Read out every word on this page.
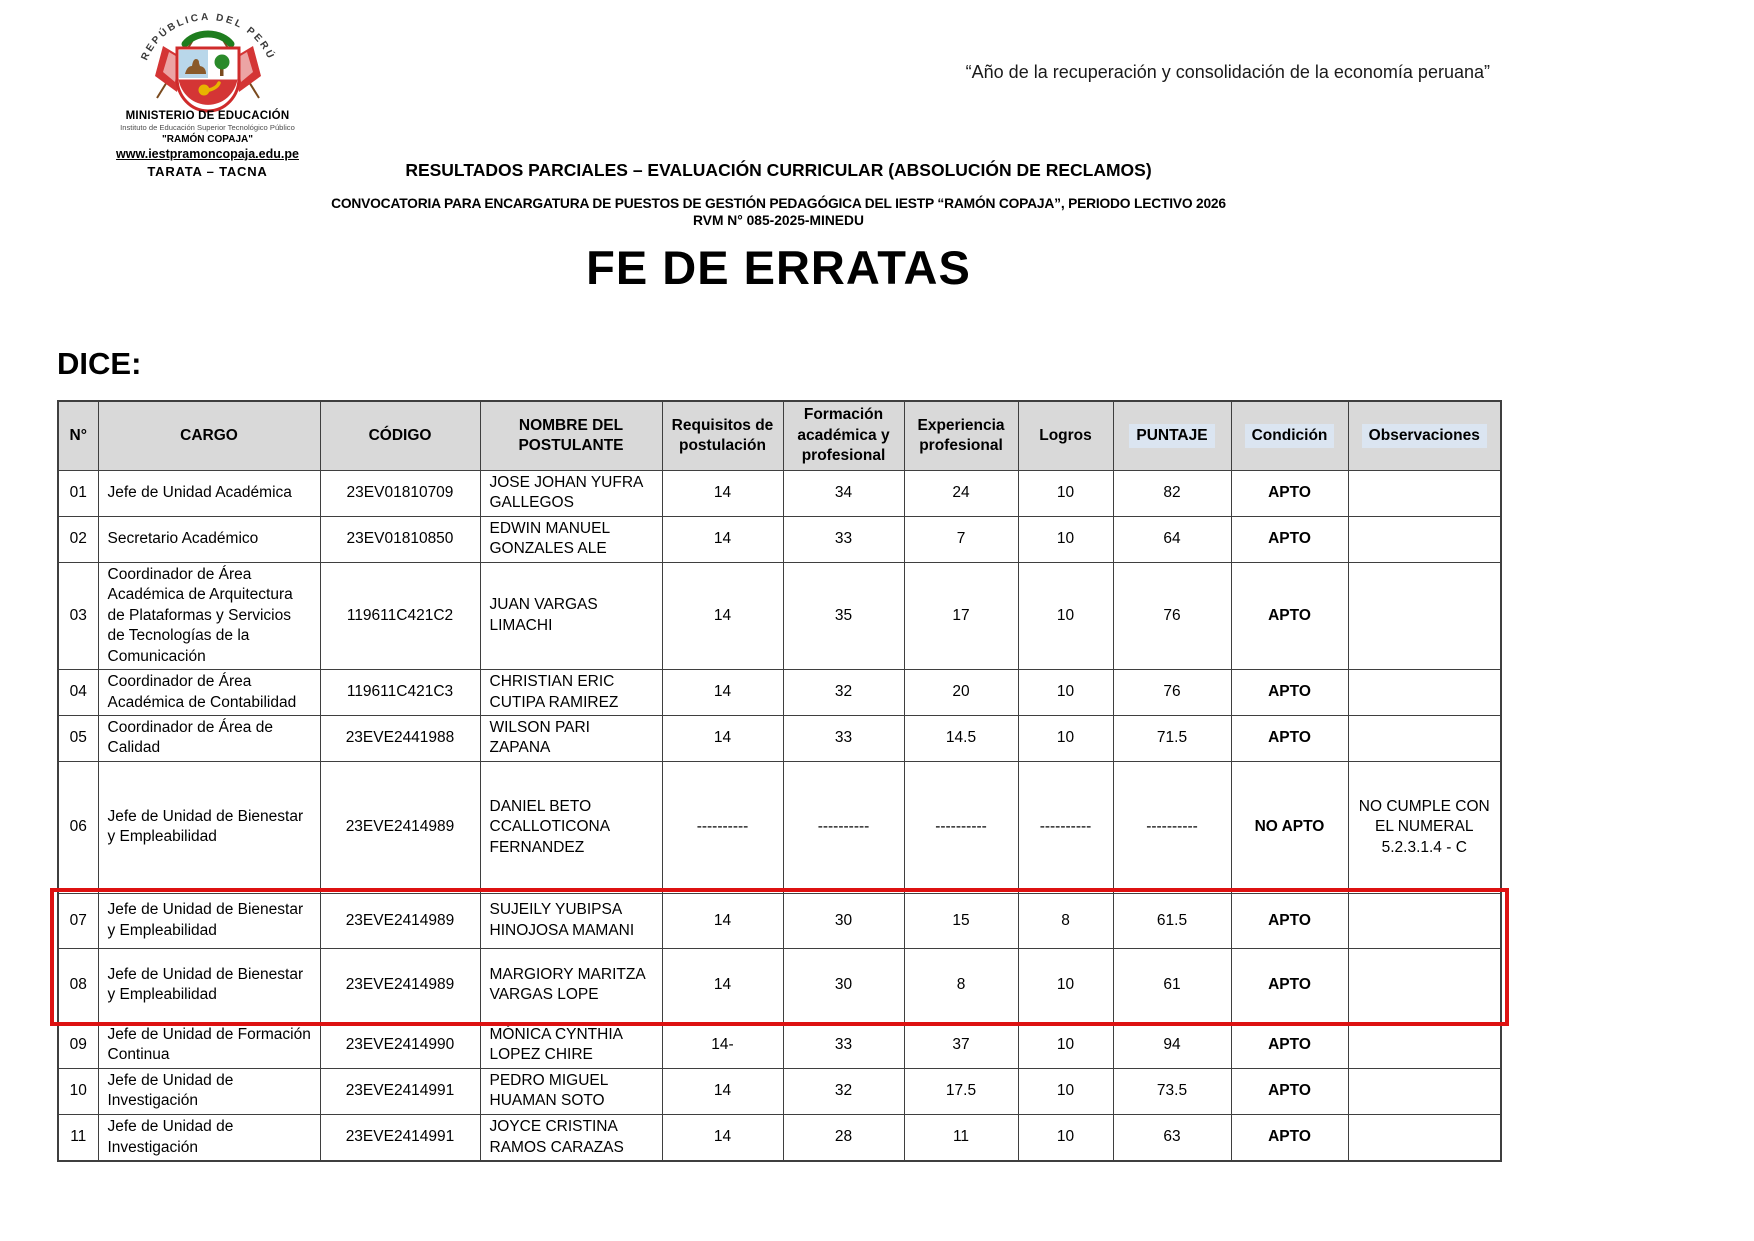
REPÚBLICA DEL PERÚ
MINISTERIO DE EDUCACIÓN
Instituto de Educación Superior Tecnológico Público
"RAMÓN COPAJA"
www.iestpramoncopaja.edu.pe
TARATA – TACNA
“Año de la recuperación y consolidación de la economía peruana”
RESULTADOS PARCIALES – EVALUACIÓN CURRICULAR (ABSOLUCIÓN DE RECLAMOS)
CONVOCATORIA PARA ENCARGATURA DE PUESTOS DE GESTIÓN PEDAGÓGICA DEL IESTP “RAMÓN COPAJA”, PERIODO LECTIVO 2026
RVM N° 085-2025-MINEDU
FE DE ERRATAS
DICE:
N°	CARGO	CÓDIGO	NOMBRE DEL POSTULANTE	Requisitos de postulación	Formación académica y profesional	Experiencia profesional	Logros	PUNTAJE	Condición	Observaciones
01	Jefe de Unidad Académica	23EV01810709	JOSE JOHAN YUFRA GALLEGOS	14	34	24	10	82	APTO	
02	Secretario Académico	23EV01810850	EDWIN MANUEL GONZALES ALE	14	33	7	10	64	APTO	
03	Coordinador de Área Académica de Arquitectura de Plataformas y Servicios de Tecnologías de la Comunicación	119611C421C2	JUAN VARGAS LIMACHI	14	35	17	10	76	APTO	
04	Coordinador de Área Académica de Contabilidad	119611C421C3	CHRISTIAN ERIC CUTIPA RAMIREZ	14	32	20	10	76	APTO	
05	Coordinador de Área de Calidad	23EVE2441988	WILSON PARI ZAPANA	14	33	14.5	10	71.5	APTO	
06	Jefe de Unidad de Bienestar y Empleabilidad	23EVE2414989	DANIEL BETO CCALLOTICONA FERNANDEZ	----------	----------	----------	----------	----------	NO APTO	NO CUMPLE CON EL NUMERAL 5.2.3.1.4 - C
07	Jefe de Unidad de Bienestar y Empleabilidad	23EVE2414989	SUJEILY YUBIPSA HINOJOSA MAMANI	14	30	15	8	61.5	APTO	
08	Jefe de Unidad de Bienestar y Empleabilidad	23EVE2414989	MARGIORY MARITZA VARGAS LOPE	14	30	8	10	61	APTO	
09	Jefe de Unidad de Formación Continua	23EVE2414990	MÓNICA CYNTHIA LOPEZ CHIRE	14-	33	37	10	94	APTO	
10	Jefe de Unidad de Investigación	23EVE2414991	PEDRO MIGUEL HUAMAN SOTO	14	32	17.5	10	73.5	APTO	
11	Jefe de Unidad de Investigación	23EVE2414991	JOYCE CRISTINA RAMOS CARAZAS	14	28	11	10	63	APTO	
